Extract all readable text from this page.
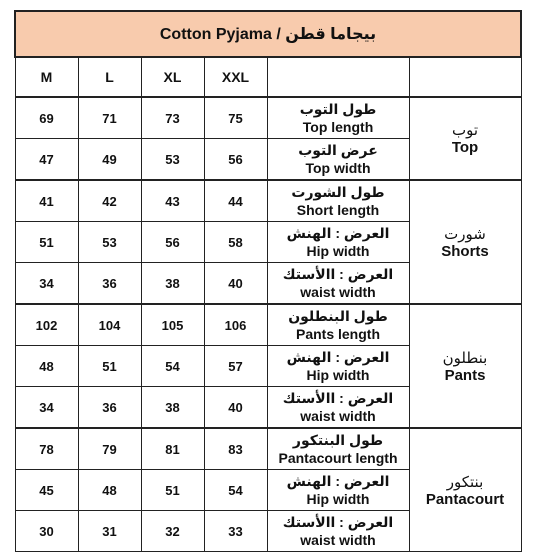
Cotton Pyjama / بيجاما قطن					
M	L	XL	XXL		
69	71	73	75	طول التوب
Top length	توب
Top

47	49	53	56	عرض التوب
Top width	

41	42	43	44	طول الشورت
Short length	شورت
Shorts

51	53	56	58	العرض : الهنش
Hip width	

34	36	38	40	العرض : االأستك
waist width	

102	104	105	106	طول البنطلون
Pants length	بنطلون
Pants

48	51	54	57	العرض : الهنش
Hip width	

34	36	38	40	العرض : االأستك
waist width	

78	79	81	83	طول البنتكور
Pantacourt length	بنتكور
Pantacourt

45	48	51	54	العرض : الهنش
Hip width	

30	31	32	33	العرض : االأستك
waist width	
